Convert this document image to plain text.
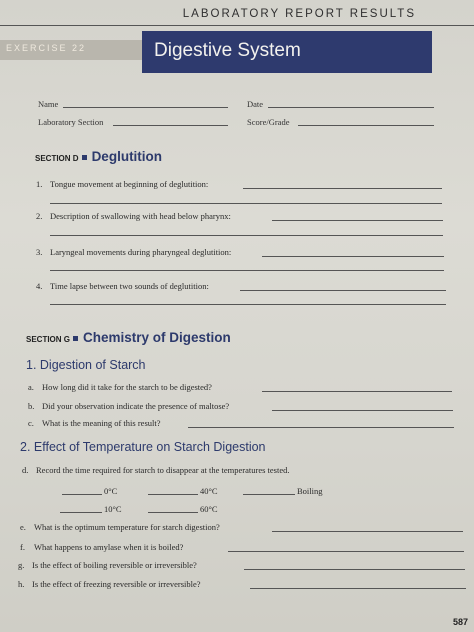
LABORATORY REPORT RESULTS
EXERCISE 22	Digestive System
Name	Date
Laboratory Section	Score/Grade
SECTION D Deglutition
1. Tongue movement at beginning of deglutition:
2. Description of swallowing with head below pharynx:
3. Laryngeal movements during pharyngeal deglutition:
4. Time lapse between two sounds of deglutition:
SECTION G Chemistry of Digestion
1. Digestion of Starch
a. How long did it take for the starch to be digested?
b. Did your observation indicate the presence of maltose?
c. What is the meaning of this result?
2. Effect of Temperature on Starch Digestion
d. Record the time required for starch to disappear at the temperatures tested.
0°C	40°C	Boiling
10°C	60°C
e. What is the optimum temperature for starch digestion?
f. What happens to amylase when it is boiled?
g. Is the effect of boiling reversible or irreversible?
h. Is the effect of freezing reversible or irreversible?
587
